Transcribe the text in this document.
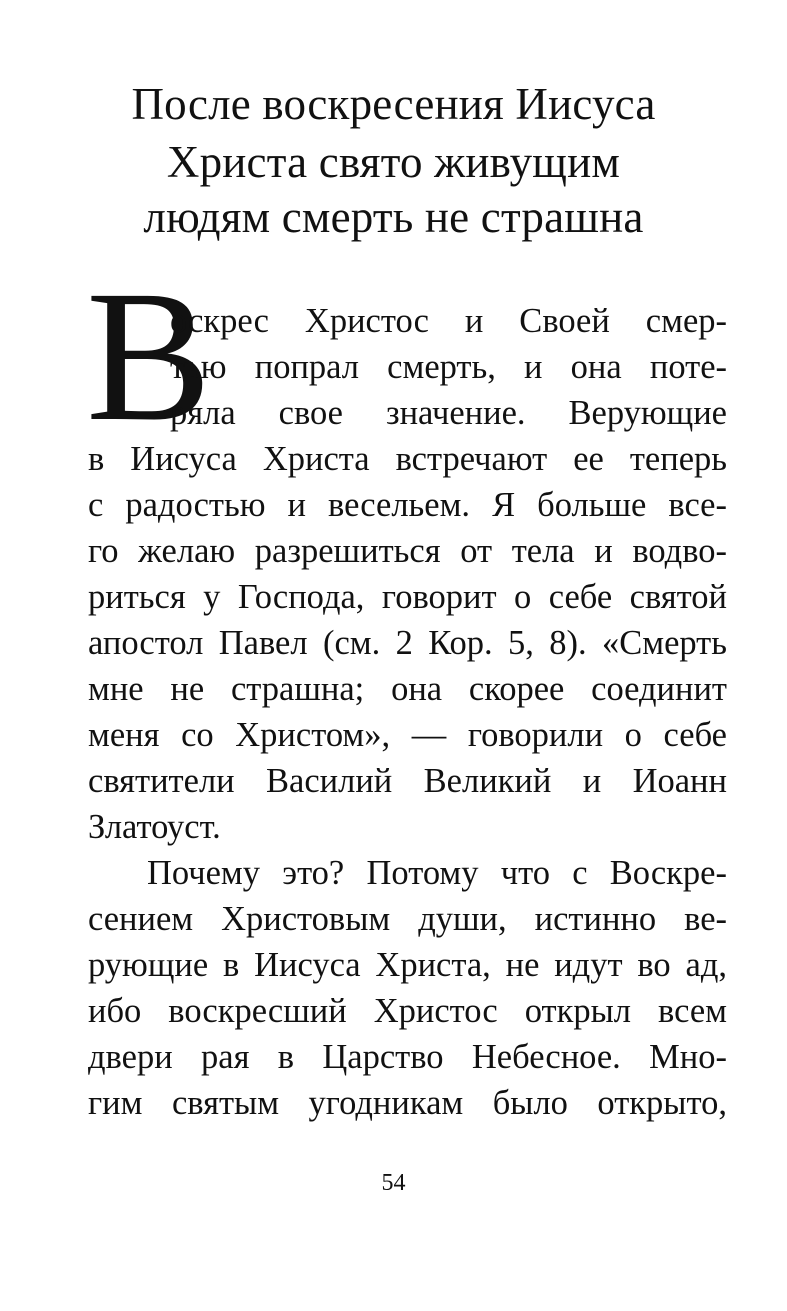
После воскресения Иисуса
Христа свято живущим
людям смерть не страшна
В
оскрес Христос и Своей смер-
тью попрал смерть, и она поте-
ряла свое значение. Верующие
в Иисуса Христа встречают ее теперь
с радостью и весельем. Я больше все-
го желаю разрешиться от тела и водво-
риться у Господа, говорит о себе святой
апостол Павел (см. 2 Кор. 5, 8). «Смерть
мне не страшна; она скорее соединит
меня со Христом», — говорили о себе
святители Василий Великий и Иоанн
Златоуст.
Почему это? Потому что с Воскре-
сением Христовым души, истинно ве-
рующие в Иисуса Христа, не идут во ад,
ибо воскресший Христос открыл всем
двери рая в Царство Небесное. Мно-
гим святым угодникам было открыто,
54
